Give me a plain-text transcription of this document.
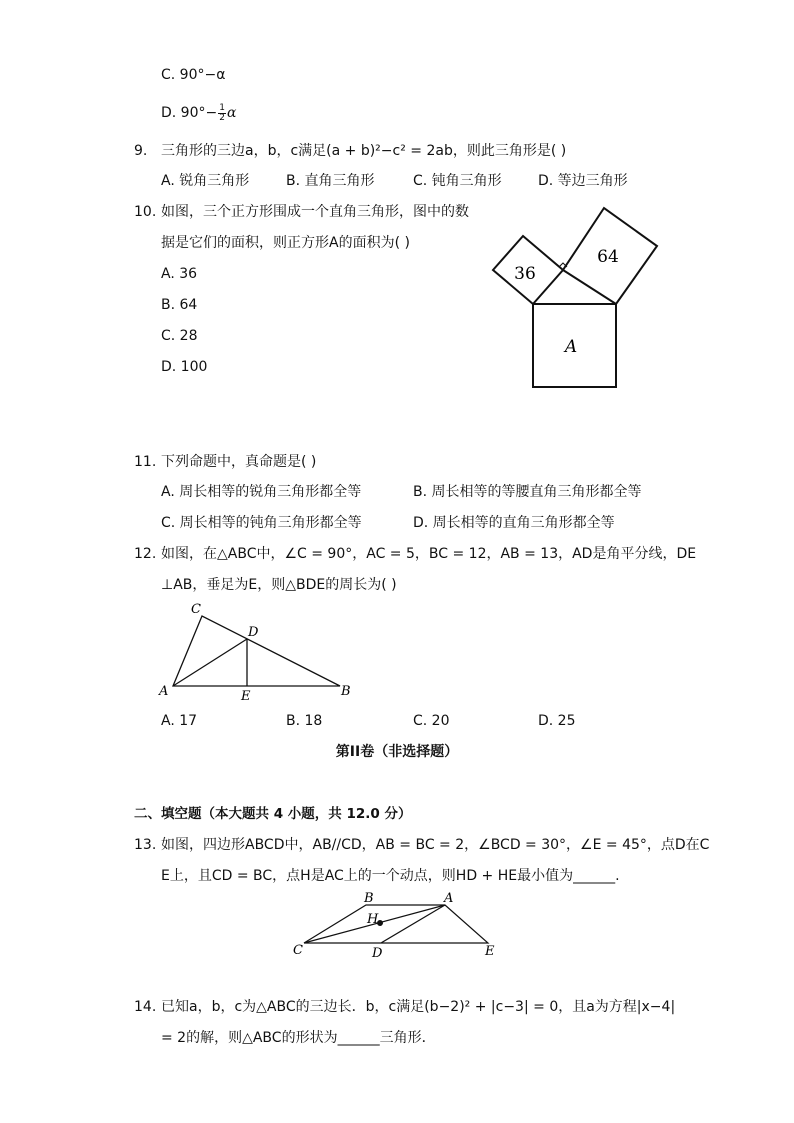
C. 90°−α
D. $90^\circ- \frac{1}{2}$ α
9. 三角形的三边a，b，c满足(a + b)²−c² = 2ab，则此三角形是( )
A. 锐角三角形	B. 直角三角形	C. 钝角三角形	D. 等边三角形
10. 如图，三个正方形围成一个直角三角形，图中的数
据是它们的面积，则正方形A的面积为( )
A. 36
B. 64
C. 28
D. 100
36
64
A
11. 下列命题中，真命题是( )
A. 周长相等的锐角三角形都全等	B. 周长相等的等腰直角三角形都全等
C. 周长相等的钝角三角形都全等	D. 周长相等的直角三角形都全等
12. 如图，在△ABC中，∠C = 90°，AC = 5，BC = 12，AB = 13，AD是角平分线，DE
⊥AB，垂足为E，则△BDE的周长为( )
C
D
A	E	B
A. 17	B. 18	C. 20	D. 25
第II卷（非选择题）
二、填空题（本大题共 4 小题，共 12.0 分）
13. 如图，四边形ABCD中，AB//CD，AB = BC = 2，∠BCD = 30°，∠E = 45°，点D在C
E上，且CD = BC，点H是AC上的一个动点，则HD + HE最小值为______.
B	A
H
C	D	E
14. 已知a，b，c为△ABC的三边长．b，c满足(b−2)² + |c−3| = 0，且a为方程|x−4|
= 2的解，则△ABC的形状为______三角形．
